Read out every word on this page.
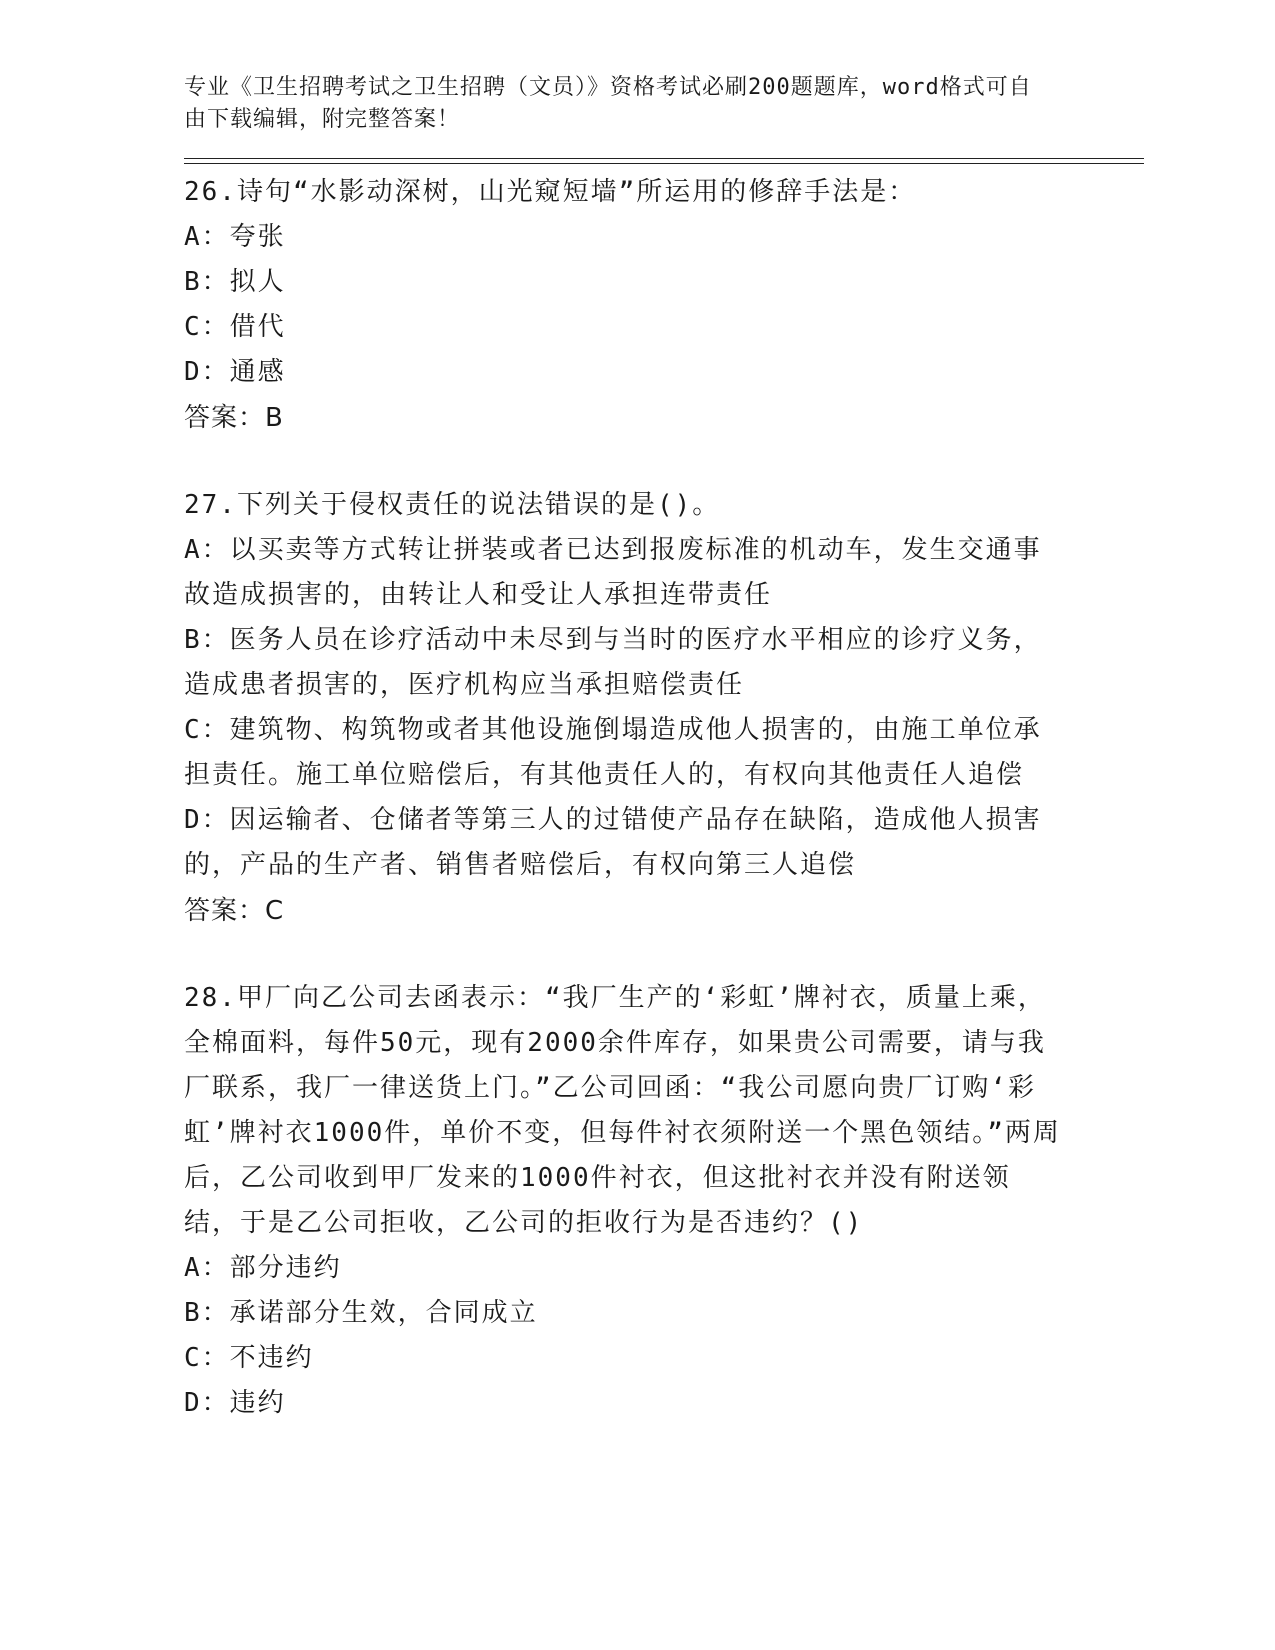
专业《卫生招聘考试之卫生招聘（文员）》资格考试必刷200题题库，word格式可自由下载编辑，附完整答案！
26.诗句“水影动深树，山光窥短墙”所运用的修辞手法是：
A：夸张
B：拟人
C：借代
D：通感
答案：B
27.下列关于侵权责任的说法错误的是()。
A：以买卖等方式转让拼装或者已达到报废标准的机动车，发生交通事故造成损害的，由转让人和受让人承担连带责任
B：医务人员在诊疗活动中未尽到与当时的医疗水平相应的诊疗义务，造成患者损害的，医疗机构应当承担赔偿责任
C：建筑物、构筑物或者其他设施倒塌造成他人损害的，由施工单位承担责任。施工单位赔偿后，有其他责任人的，有权向其他责任人追偿
D：因运输者、仓储者等第三人的过错使产品存在缺陷，造成他人损害的，产品的生产者、销售者赔偿后，有权向第三人追偿
答案：C
28.甲厂向乙公司去函表示：“我厂生产的‘彩虹’牌衬衣，质量上乘，全棉面料，每件50元，现有2000余件库存，如果贵公司需要，请与我厂联系，我厂一律送货上门。”乙公司回函：“我公司愿向贵厂订购‘彩虹’牌衬衣1000件，单价不变，但每件衬衣须附送一个黑色领结。”两周后，乙公司收到甲厂发来的1000件衬衣，但这批衬衣并没有附送领结，于是乙公司拒收，乙公司的拒收行为是否违约？()
A：部分违约
B：承诺部分生效，合同成立
C：不违约
D：违约
